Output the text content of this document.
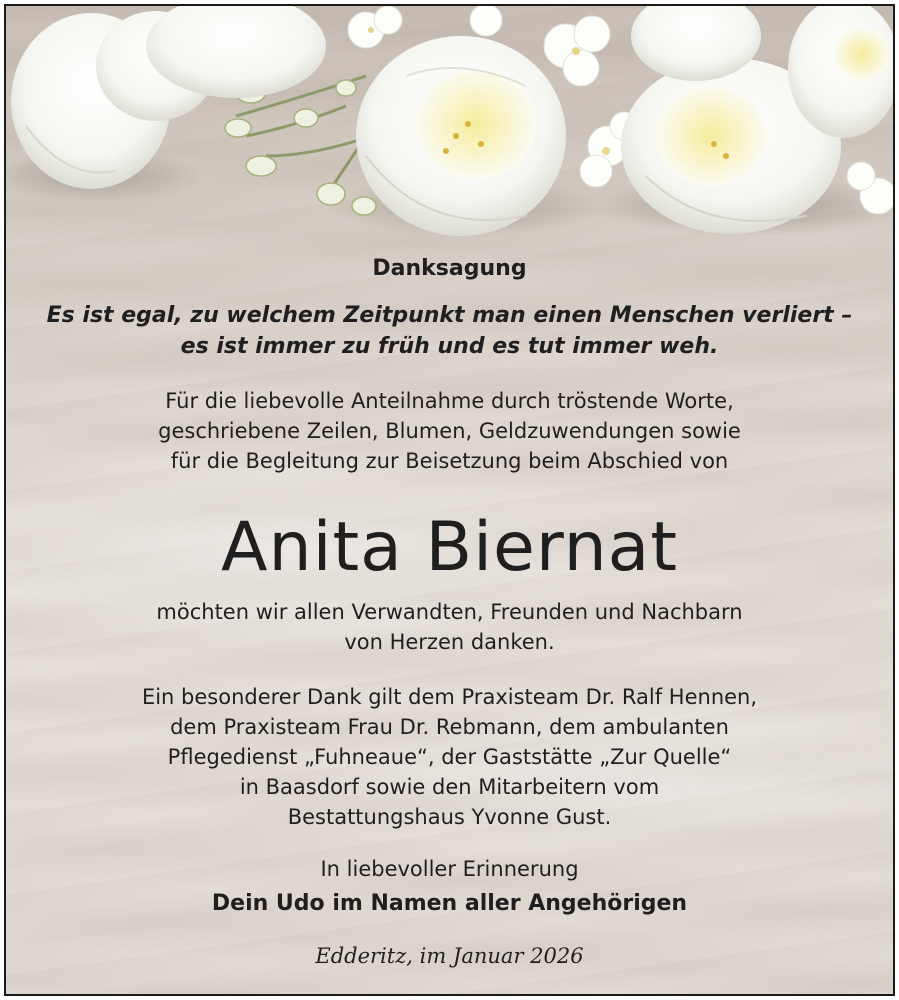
Danksagung
Es ist egal, zu welchem Zeitpunkt man einen Menschen verliert –
es ist immer zu früh und es tut immer weh.
Für die liebevolle Anteilnahme durch tröstende Worte,
geschriebene Zeilen, Blumen, Geldzuwendungen sowie
für die Begleitung zur Beisetzung beim Abschied von
Anita Biernat
möchten wir allen Verwandten, Freunden und Nachbarn
von Herzen danken.
Ein besonderer Dank gilt dem Praxisteam Dr. Ralf Hennen,
dem Praxisteam Frau Dr. Rebmann, dem ambulanten
Pflegedienst „Fuhneaue“, der Gaststätte „Zur Quelle“
in Baasdorf sowie den Mitarbeitern vom
Bestattungshaus Yvonne Gust.
In liebevoller Erinnerung
Dein Udo im Namen aller Angehörigen
Edderitz, im Januar 2026
